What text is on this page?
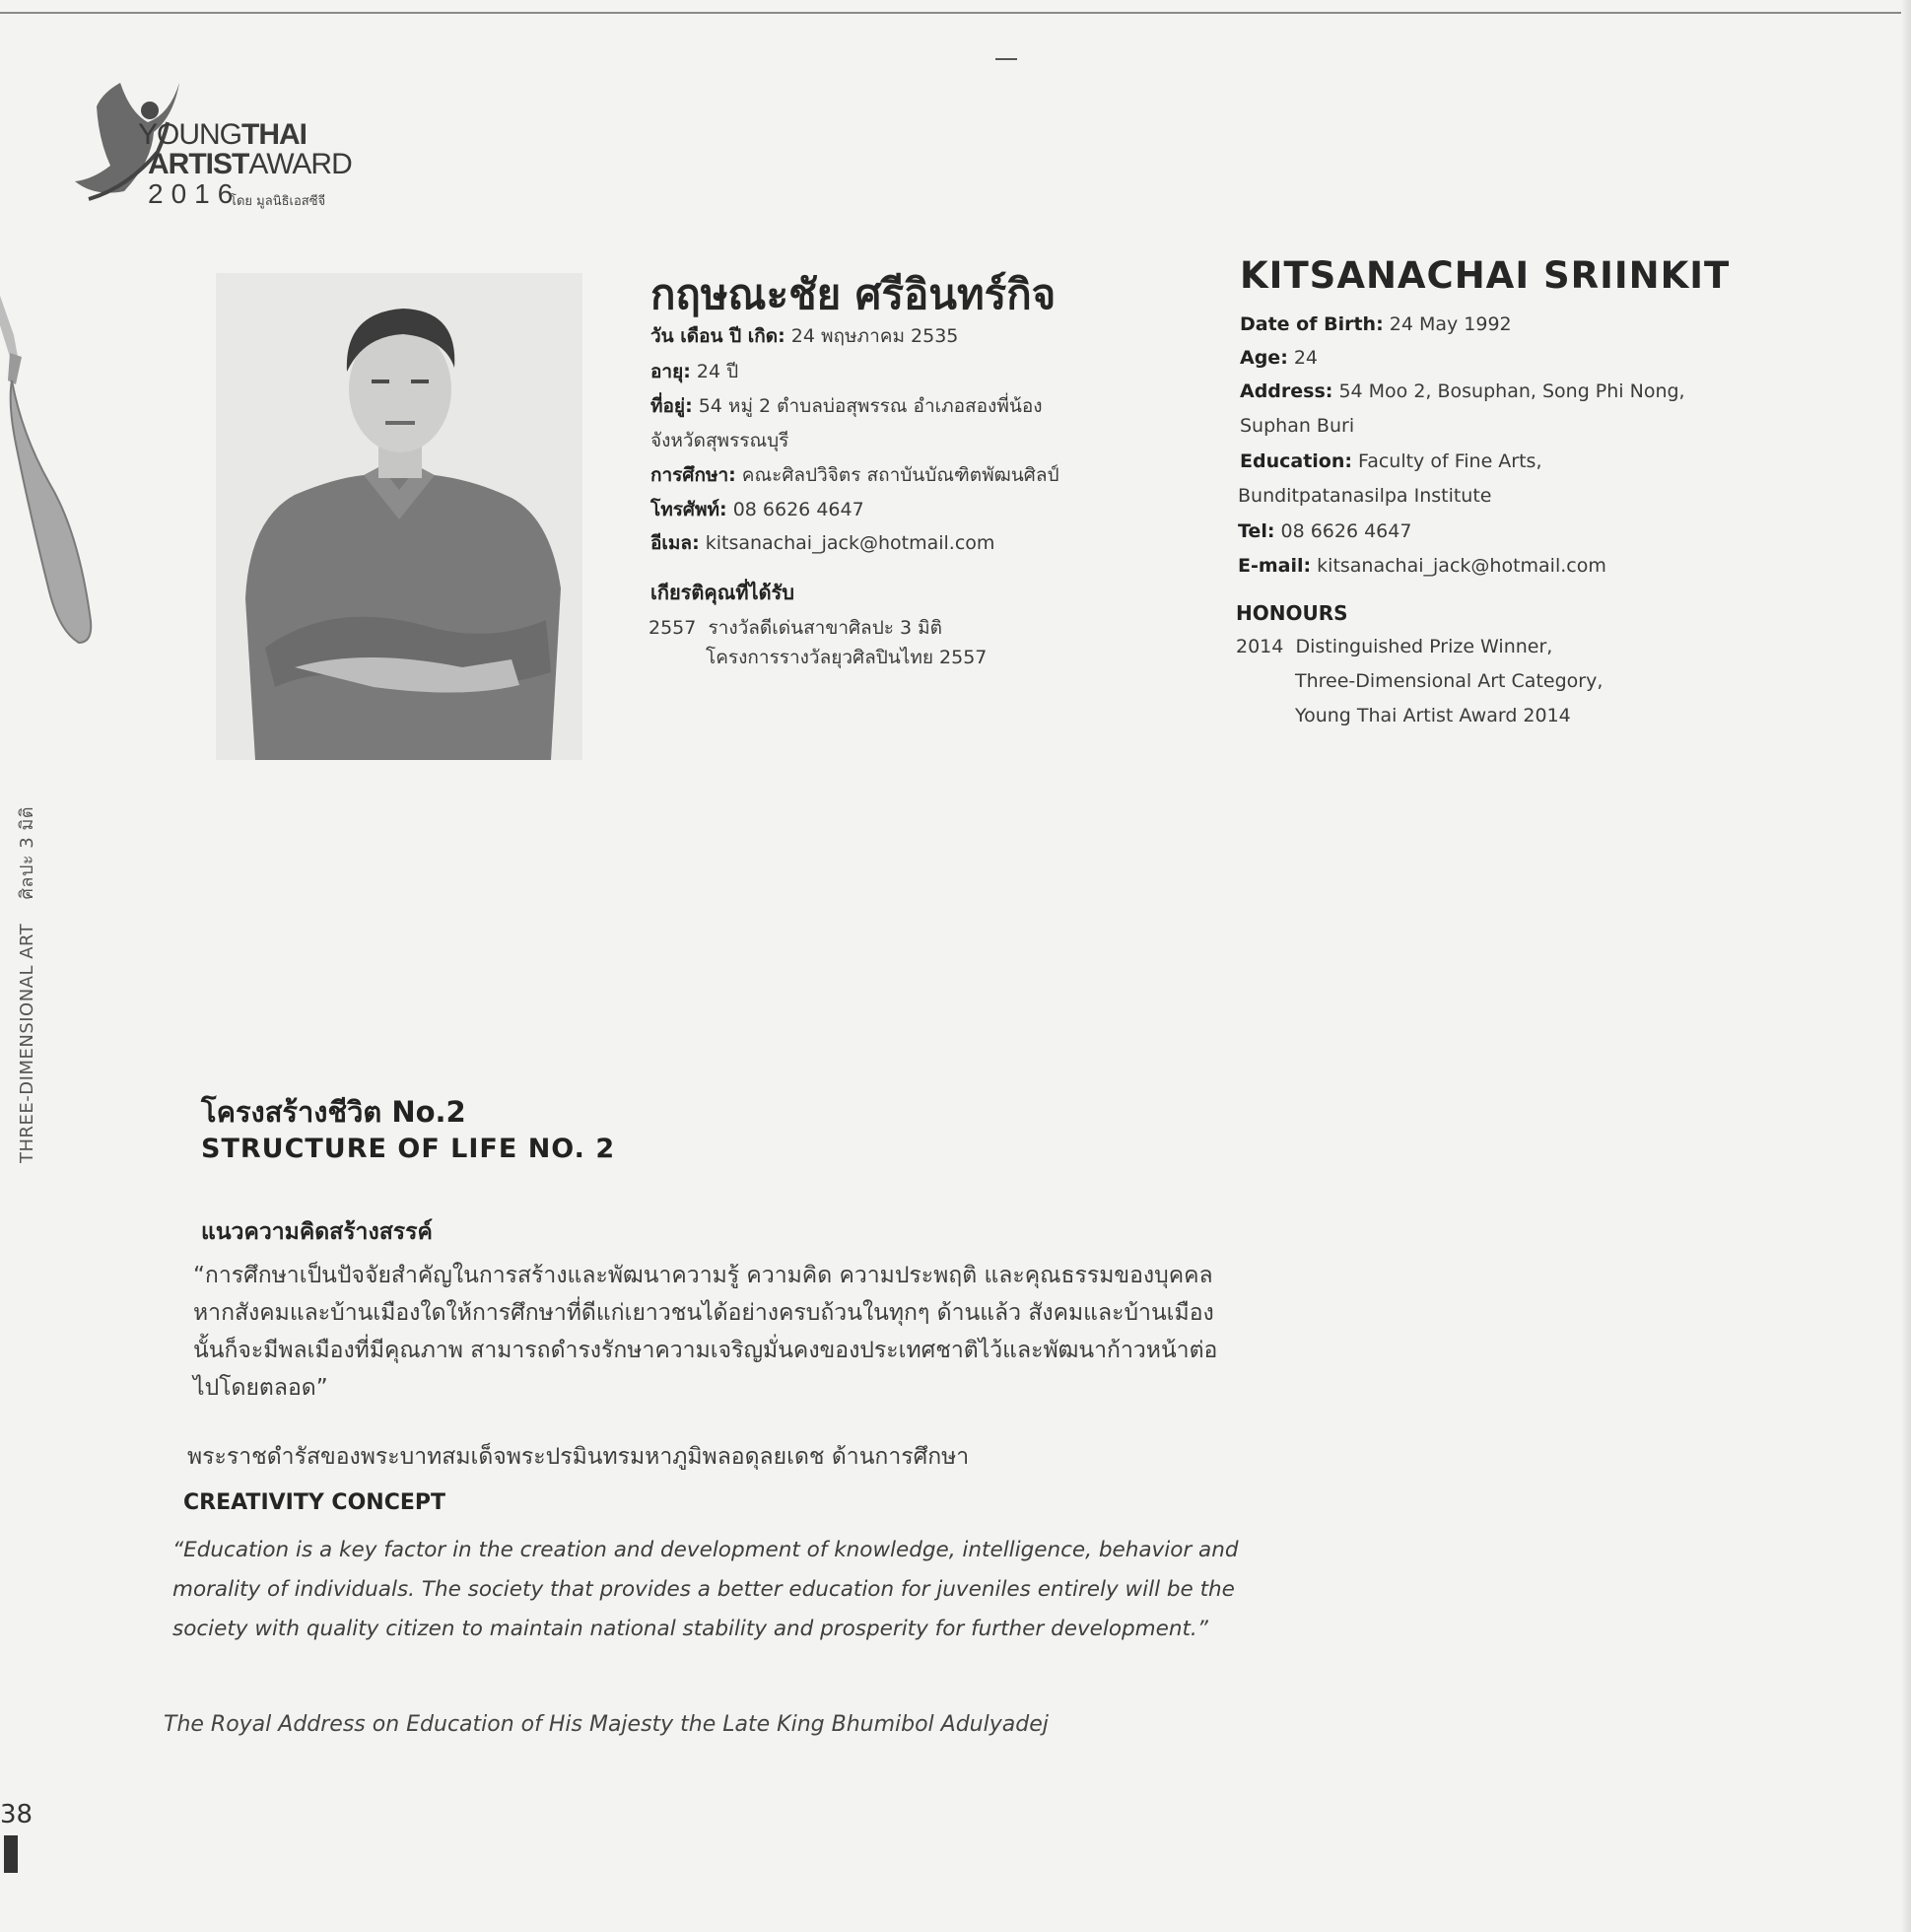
YOUNGTHAI
ARTISTAWARD
2016
โดย มูลนิธิเอสซีจี
THREE-DIMENSIONAL ART ศิลปะ 3 มิติ
38
กฤษณะชัย ศรีอินทร์กิจ
วัน เดือน ปี เกิด: 24 พฤษภาคม 2535
อายุ: 24 ปี
ที่อยู่: 54 หมู่ 2 ตำบลบ่อสุพรรณ อำเภอสองพี่น้อง
จังหวัดสุพรรณบุรี
การศึกษา: คณะศิลปวิจิตร สถาบันบัณฑิตพัฒนศิลป์
โทรศัพท์: 08 6626 4647
อีเมล: kitsanachai_jack@hotmail.com
เกียรติคุณที่ได้รับ
2557 รางวัลดีเด่นสาขาศิลปะ 3 มิติ
โครงการรางวัลยุวศิลปินไทย 2557
KITSANACHAI SRIINKIT
Date of Birth: 24 May 1992
Age: 24
Address: 54 Moo 2, Bosuphan, Song Phi Nong,
Suphan Buri
Education: Faculty of Fine Arts,
Bunditpatanasilpa Institute
Tel: 08 6626 4647
E-mail: kitsanachai_jack@hotmail.com
HONOURS
2014 Distinguished Prize Winner,
Three-Dimensional Art Category,
Young Thai Artist Award 2014
โครงสร้างชีวิต No.2
STRUCTURE OF LIFE NO. 2
แนวความคิดสร้างสรรค์

“การศึกษาเป็นปัจจัยสำคัญในการสร้างและพัฒนาความรู้ ความคิด ความประพฤติ และคุณธรรมของบุคคล หากสังคมและบ้านเมืองใดให้การศึกษาที่ดีแก่เยาวชนได้อย่างครบถ้วนในทุกๆ ด้านแล้ว สังคมและบ้านเมืองนั้นก็จะมีพลเมืองที่มีคุณภาพ สามารถดำรงรักษาความเจริญมั่นคงของประเทศชาติไว้และพัฒนาก้าวหน้าต่อไปโดยตลอด”

พระราชดำรัสของพระบาทสมเด็จพระปรมินทรมหาภูมิพลอดุลยเดช ด้านการศึกษา
CREATIVITY CONCEPT

“Education is a key factor in the creation and development of knowledge, intelligence, behavior and morality of individuals. The society that provides a better education for juveniles entirely will be the society with quality citizen to maintain national stability and prosperity for further development.”

The Royal Address on Education of His Majesty the Late King Bhumibol Adulyadej
